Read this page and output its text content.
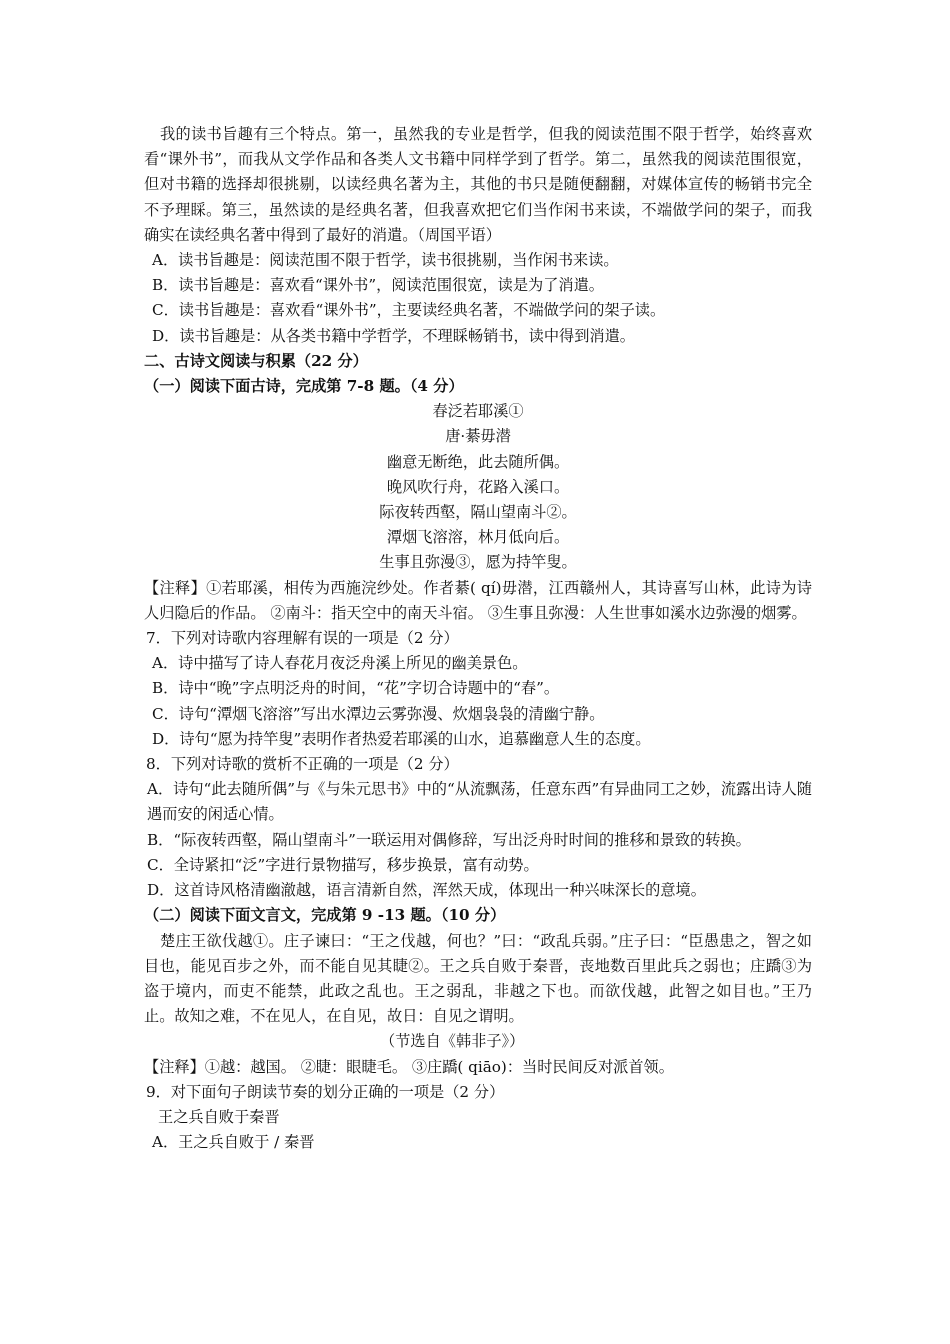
我的读书旨趣有三个特点。第一，虽然我的专业是哲学，但我的阅读范围不限于哲学，始终喜欢看“课外书”，而我从文学作品和各类人文书籍中同样学到了哲学。第二，虽然我的阅读范围很宽，但对书籍的选择却很挑剔，以读经典名著为主，其他的书只是随便翻翻，对媒体宣传的畅销书完全不予理睬。第三，虽然读的是经典名著，但我喜欢把它们当作闲书来读，不端做学问的架子，而我确实在读经典名著中得到了最好的消遣。（周国平语）

A．读书旨趣是：阅读范围不限于哲学，读书很挑剔，当作闲书来读。

B．读书旨趣是：喜欢看“课外书”，阅读范围很宽，读是为了消遣。

C．读书旨趣是：喜欢看“课外书”，主要读经典名著，不端做学问的架子读。

D．读书旨趣是：从各类书籍中学哲学，不理睬畅销书，读中得到消遣。

二、古诗文阅读与积累（22 分）

（一）阅读下面古诗，完成第 7-8 题。（4 分）

春泛若耶溪①

唐·綦毋潜

幽意无断绝，此去随所偶。

晚风吹行舟，花路入溪口。

际夜转西壑，隔山望南斗②。

潭烟飞溶溶，林月低向后。

生事且弥漫③，愿为持竿叟。

【注释】①若耶溪，相传为西施浣纱处。作者綦( qí)毋潜，江西赣州人，其诗喜写山林，此诗为诗人归隐后的作品。 ②南斗：指天空中的南天斗宿。 ③生事且弥漫：人生世事如溪水边弥漫的烟雾。

7．下列对诗歌内容理解有误的一项是（2 分）

A．诗中描写了诗人春花月夜泛舟溪上所见的幽美景色。

B．诗中“晚”字点明泛舟的时间，“花”字切合诗题中的“春”。

C．诗句“潭烟飞溶溶”写出水潭边云雾弥漫、炊烟袅袅的清幽宁静。

D．诗句“愿为持竿叟”表明作者热爱若耶溪的山水，追慕幽意人生的态度。

8．下列对诗歌的赏析不正确的一项是（2 分）

A．诗句“此去随所偶”与《与朱元思书》中的“从流飘荡，任意东西”有异曲同工之妙，流露出诗人随遇而安的闲适心情。

B．“际夜转西壑，隔山望南斗”一联运用对偶修辞，写出泛舟时时间的推移和景致的转换。

C．全诗紧扣“泛”字进行景物描写，移步换景，富有动势。

D．这首诗风格清幽澈越，语言清新自然，浑然天成，体现出一种兴味深长的意境。

（二）阅读下面文言文，完成第 9 -13 题。（10 分）

楚庄王欲伐越①。庄子谏曰：“王之伐越，何也？”曰：“政乱兵弱。”庄子曰：“臣愚患之，智之如目也，能见百步之外，而不能自见其睫②。王之兵自败于秦晋，丧地数百里此兵之弱也；庄蹻③为盗于境内，而吏不能禁，此政之乱也。王之弱乱，非越之下也。而欲伐越，此智之如目也。”王乃止。故知之难，不在见人，在自见，故日：自见之谓明。

（节选自《韩非子》）

【注释】①越：越国。 ②睫：眼睫毛。 ③庄蹻( qiāo)：当时民间反对派首领。

9．对下面句子朗读节奏的划分正确的一项是（2 分）

王之兵自败于秦晋

A．王之兵自败于 / 秦晋
